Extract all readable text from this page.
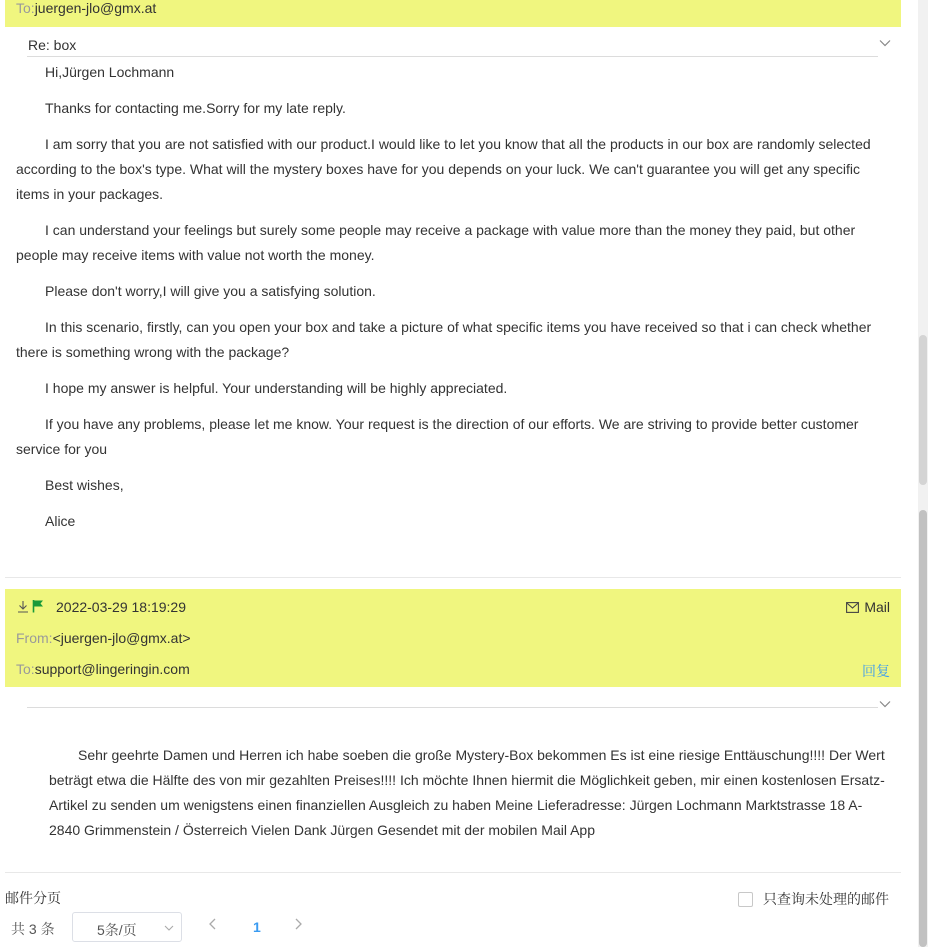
To:juergen-jlo@gmx.at
Re: box

Hi,Jürgen Lochmann

Thanks for contacting me.Sorry for my late reply.

I am sorry that you are not satisfied with our product.I would like to let you know that all the products in our box are randomly selected according to the box's type. What will the mystery boxes have for you depends on your luck. We can't guarantee you will get any specific items in your packages.

I can understand your feelings but surely some people may receive a package with value more than the money they paid, but other people may receive items with value not worth the money.

Please don't worry,I will give you a satisfying solution.

In this scenario, firstly, can you open your box and take a picture of what specific items you have received so that i can check whether there is something wrong with the package?

I hope my answer is helpful. Your understanding will be highly appreciated.

If you have any problems, please let me know. Your request is the direction of our efforts. We are striving to provide better customer service for you

Best wishes,

Alice

2022-03-29 18:19:29	Mail
From:<juergen-jlo@gmx.at>
To:support@lingeringin.com	回复
Sehr geehrte Damen und Herren ich habe soeben die große Mystery-Box bekommen Es ist eine riesige Enttäuschung!!!! Der Wert beträgt etwa die Hälfte des von mir gezahlten Preises!!!! Ich möchte Ihnen hiermit die Möglichkeit geben, mir einen kostenlosen Ersatz-Artikel zu senden um wenigstens einen finanziellen Ausgleich zu haben Meine Lieferadresse: Jürgen Lochmann Marktstrasse 18 A-2840 Grimmenstein / Österreich Vielen Dank Jürgen Gesendet mit der mobilen Mail App
邮件分页	只查询未处理的邮件
共 3 条	5条/页	1
